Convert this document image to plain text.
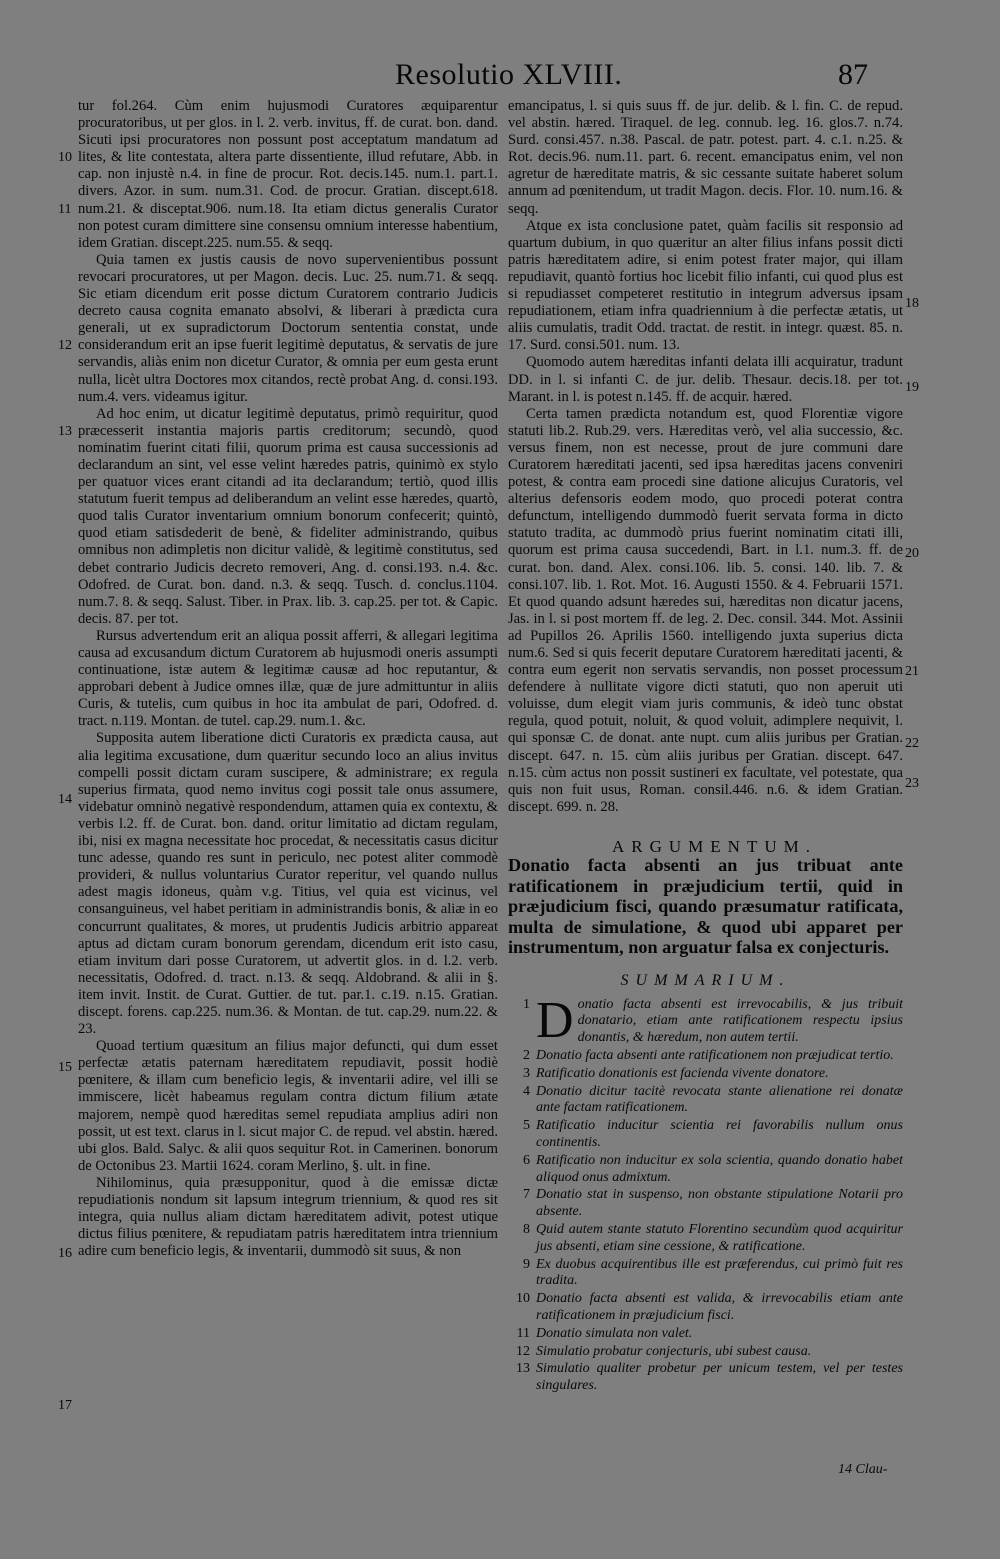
Resolutio XLVIII.	87
10
11
12
13
14
15
16
17
18
19
20
21
22
23

tur fol.264. Cùm enim hujusmodi Curatores æquiparentur procuratoribus, ut per glos. in l. 2. verb. invitus, ff. de curat. bon. dand. Sicuti ipsi procuratores non possunt post acceptatum mandatum ad lites, & lite contestata, altera parte dissentiente, illud refutare, Abb. in cap. non injustè n.4. in fine de procur. Rot. decis.145. num.1. part.1. divers. Azor. in sum. num.31. Cod. de procur. Gratian. discept.618. num.21. & disceptat.906. num.18. Ita etiam dictus generalis Curator non potest curam dimittere sine consensu omnium interesse habentium, idem Gratian. discept.225. num.55. & seqq.

Quia tamen ex justis causis de novo supervenientibus possunt revocari procuratores, ut per Magon. decis. Luc. 25. num.71. & seqq. Sic etiam dicendum erit posse dictum Curatorem contrario Judicis decreto causa cognita emanato absolvi, & liberari à prædicta cura generali, ut ex supradictorum Doctorum sententia constat, unde considerandum erit an ipse fuerit legitimè deputatus, & servatis de jure servandis, aliàs enim non dicetur Curator, & omnia per eum gesta erunt nulla, licèt ultra Doctores mox citandos, rectè probat Ang. d. consi.193. num.4. vers. videamus igitur.

Ad hoc enim, ut dicatur legitimè deputatus, primò requiritur, quod præcesserit instantia majoris partis creditorum; secundò, quod nominatim fuerint citati filii, quorum prima est causa successionis ad declarandum an sint, vel esse velint hæredes patris, quinimò ex stylo per quatuor vices erant citandi ad ita declarandum; tertiò, quod illis statutum fuerit tempus ad deliberandum an velint esse hæredes, quartò, quod talis Curator inventarium omnium bonorum confecerit; quintò, quod etiam satisdederit de benè, & fideliter administrando, quibus omnibus non adimpletis non dicitur validè, & legitimè constitutus, sed debet contrario Judicis decreto removeri, Ang. d. consi.193. n.4. &c. Odofred. de Curat. bon. dand. n.3. & seqq. Tusch. d. conclus.1104. num.7. 8. & seqq. Salust. Tiber. in Prax. lib. 3. cap.25. per tot. & Capic. decis. 87. per tot.

Rursus advertendum erit an aliqua possit afferri, & allegari legitima causa ad excusandum dictum Curatorem ab hujusmodi oneris assumpti continuatione, istæ autem & legitimæ causæ ad hoc reputantur, & approbari debent à Judice omnes illæ, quæ de jure admittuntur in aliis Curis, & tutelis, cum quibus in hoc ita ambulat de pari, Odofred. d. tract. n.119. Montan. de tutel. cap.29. num.1. &c.

Supposita autem liberatione dicti Curatoris ex prædicta causa, aut alia legitima excusatione, dum quæritur secundo loco an alius invitus compelli possit dictam curam suscipere, & administrare; ex regula superius firmata, quod nemo invitus cogi possit tale onus assumere, videbatur omninò negativè respondendum, attamen quia ex contextu, & verbis l.2. ff. de Curat. bon. dand. oritur limitatio ad dictam regulam, ibi, nisi ex magna necessitate hoc procedat, & necessitatis casus dicitur tunc adesse, quando res sunt in periculo, nec potest aliter commodè provideri, & nullus voluntarius Curator reperitur, vel quando nullus adest magis idoneus, quàm v.g. Titius, vel quia est vicinus, vel consanguineus, vel habet peritiam in administrandis bonis, & aliæ in eo concurrunt qualitates, & mores, ut prudentis Judicis arbitrio appareat aptus ad dictam curam bonorum gerendam, dicendum erit isto casu, etiam invitum dari posse Curatorem, ut advertit glos. in d. l.2. verb. necessitatis, Odofred. d. tract. n.13. & seqq. Aldobrand. & alii in §. item invit. Instit. de Curat. Guttier. de tut. par.1. c.19. n.15. Gratian. discept. forens. cap.225. num.36. & Montan. de tut. cap.29. num.22. & 23.

Quoad tertium quæsitum an filius major defuncti, qui dum esset perfectæ ætatis paternam hæreditatem repudiavit, possit hodiè pœnitere, & illam cum beneficio legis, & inventarii adire, vel illi se immiscere, licèt habeamus regulam contra dictum filium ætate majorem, nempè quod hæreditas semel repudiata amplius adiri non possit, ut est text. clarus in l. sicut major C. de repud. vel abstin. hæred. ubi glos. Bald. Salyc. & alii quos sequitur Rot. in Camerinen. bonorum de Octonibus 23. Martii 1624. coram Merlino, §. ult. in fine.

Nihilominus, quia præsupponitur, quod à die emissæ dictæ repudiationis nondum sit lapsum integrum triennium, & quod res sit integra, quia nullus aliam dictam hæreditatem adivit, potest utique dictus filius pœnitere, & repudiatam patris hæreditatem intra triennium adire cum beneficio legis, & inventarii, dummodò sit suus, & non

emancipatus, l. si quis suus ff. de jur. delib. & l. fin. C. de repud. vel abstin. hæred. Tiraquel. de leg. connub. leg. 16. glos.7. n.74. Surd. consi.457. n.38. Pascal. de patr. potest. part. 4. c.1. n.25. & Rot. decis.96. num.11. part. 6. recent. emancipatus enim, vel non agretur de hæreditate matris, & sic cessante suitate haberet solum annum ad pœnitendum, ut tradit Magon. decis. Flor. 10. num.16. & seqq.

Atque ex ista conclusione patet, quàm facilis sit responsio ad quartum dubium, in quo quæritur an alter filius infans possit dicti patris hæreditatem adire, si enim potest frater major, qui illam repudiavit, quantò fortius hoc licebit filio infanti, cui quod plus est si repudiasset competeret restitutio in integrum adversus ipsam repudiationem, etiam infra quadriennium à die perfectæ ætatis, ut aliis cumulatis, tradit Odd. tractat. de restit. in integr. quæst. 85. n. 17. Surd. consi.501. num. 13.

Quomodo autem hæreditas infanti delata illi acquiratur, tradunt DD. in l. si infanti C. de jur. delib. Thesaur. decis.18. per tot. Marant. in l. is potest n.145. ff. de acquir. hæred.

Certa tamen prædicta notandum est, quod Florentiæ vigore statuti lib.2. Rub.29. vers. Hæreditas verò, vel alia successio, &c. versus finem, non est necesse, prout de jure communi dare Curatorem hæreditati jacenti, sed ipsa hæreditas jacens conveniri potest, & contra eam procedi sine datione alicujus Curatoris, vel alterius defensoris eodem modo, quo procedi poterat contra defunctum, intelligendo dummodò fuerit servata forma in dicto statuto tradita, ac dummodò prius fuerint nominatim citati illi, quorum est prima causa succedendi, Bart. in l.1. num.3. ff. de curat. bon. dand. Alex. consi.106. lib. 5. consi. 140. lib. 7. & consi.107. lib. 1. Rot. Mot. 16. Augusti 1550. & 4. Februarii 1571. Et quod quando adsunt hæredes sui, hæreditas non dicatur jacens, Jas. in l. si post mortem ff. de leg. 2. Dec. consil. 344. Mot. Assinii ad Pupillos 26. Aprilis 1560. intelligendo juxta superius dicta num.6. Sed si quis fecerit deputare Curatorem hæreditati jacenti, & contra eum egerit non servatis servandis, non posset processum defendere à nullitate vigore dicti statuti, quo non aperuit uti voluisse, dum elegit viam juris communis, & ideò tunc obstat regula, quod potuit, noluit, & quod voluit, adimplere nequivit, l. qui sponsæ C. de donat. ante nupt. cum aliis juribus per Gratian. discept. 647. n. 15. cùm aliis juribus per Gratian. discept. 647. n.15. cùm actus non possit sustineri ex facultate, vel potestate, qua quis non fuit usus, Roman. consil.446. n.6. & idem Gratian. discept. 699. n. 28.

ARGUMENTUM.

Donatio facta absenti an jus tribuat ante ratificationem in præjudicium tertii, quid in præjudicium fisci, quando præsumatur ratificata, multa de simulatione, & quod ubi apparet per instrumentum, non arguatur falsa ex conjecturis.

SUMMARIUM.
1 D onatio facta absenti est irrevocabilis, & jus tribuit donatario, etiam ante ratificationem respectu ipsius donantis, & hæredum, non autem tertii.
2 Donatio facta absenti ante ratificationem non præjudicat tertio.
3 Ratificatio donationis est facienda vivente donatore.
4 Donatio dicitur tacitè revocata stante alienatione rei donatæ ante factam ratificationem.
5 Ratificatio inducitur scientia rei favorabilis nullum onus continentis.
6 Ratificatio non inducitur ex sola scientia, quando donatio habet aliquod onus admixtum.
7 Donatio stat in suspenso, non obstante stipulatione Notarii pro absente.
8 Quid autem stante statuto Florentino secundùm quod acquiritur jus absenti, etiam sine cessione, & ratificatione.
9 Ex duobus acquirentibus ille est præferendus, cui primò fuit res tradita.
10 Donatio facta absenti est valida, & irrevocabilis etiam ante ratificationem in præjudicium fisci.
11 Donatio simulata non valet.
12 Simulatio probatur conjecturis, ubi subest causa.
13 Simulatio qualiter probetur per unicum testem, vel per testes singulares.
14 Clau-
